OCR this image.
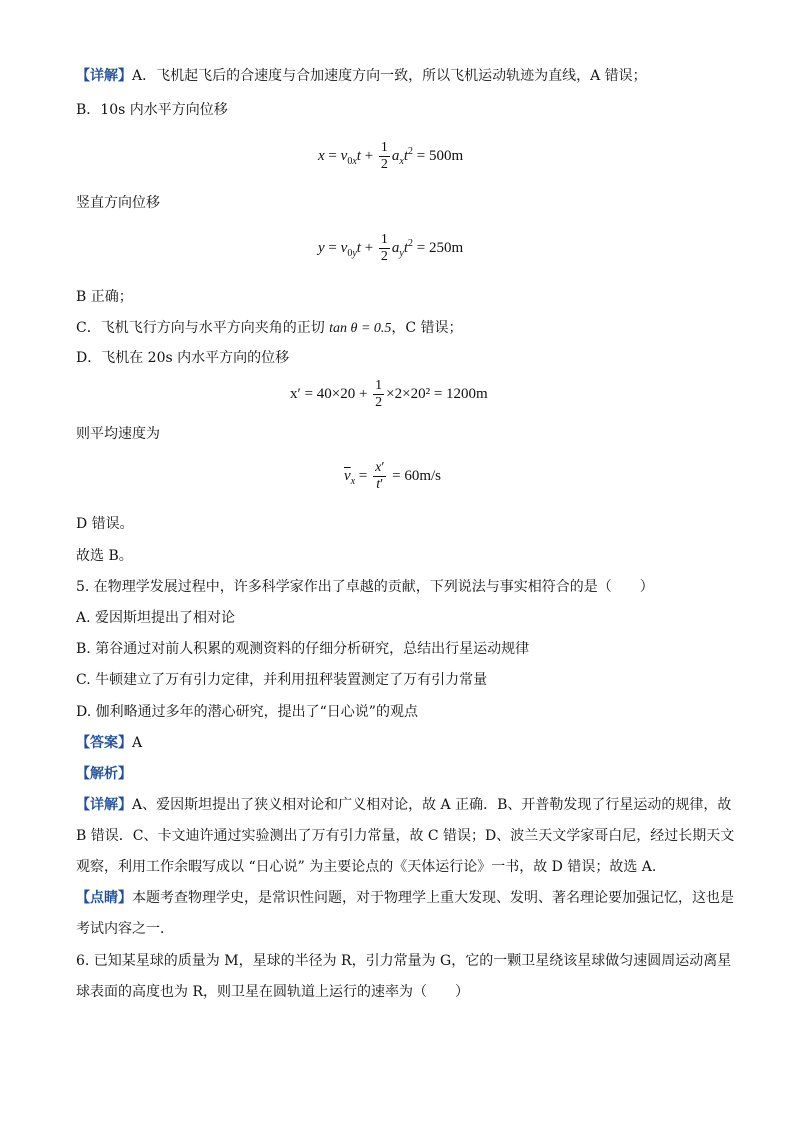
【详解】A．飞机起飞后的合速度与合加速度方向一致，所以飞机运动轨迹为直线，A 错误；
B．10s 内水平方向位移
$x = v_{0x}t + \frac{1}{2} a_xt^2 = 500m$
竖直方向位移
$y = v_{0y}t + \frac{1}{2} a_yt^2 = 250m$
B 正确；
C．飞机飞行方向与水平方向夹角的正切 tan θ = 0.5，C 错误；
D．飞机在 20s 内水平方向的位移
$x' = 40\times 20 + \frac{1}{2} \times 2\times 20^2 = 1200m$
则平均速度为
$\overline{v}_x = \frac{x'}{t'} = 60m/s$
D 错误。
故选 B。
5. 在物理学发展过程中，许多科学家作出了卓越的贡献，下列说法与事实相符合的是（　　）
A. 爱因斯坦提出了相对论
B. 第谷通过对前人积累的观测资料的仔细分析研究，总结出行星运动规律
C. 牛顿建立了万有引力定律，并利用扭秤装置测定了万有引力常量
D. 伽利略通过多年的潜心研究，提出了“日心说”的观点
【答案】A
【解析】
【详解】A、爱因斯坦提出了狭义相对论和广义相对论，故 A 正确．B、开普勒发现了行星运动的规律，故 B 错误．C、卡文迪许通过实验测出了万有引力常量，故 C 错误；D、波兰天文学家哥白尼，经过长期天文观察，利用工作余暇写成以 “日心说” 为主要论点的《天体运行论》一书，故 D 错误；故选 A.
【点睛】本题考查物理学史，是常识性问题，对于物理学上重大发现、发明、著名理论要加强记忆，这也是考试内容之一．
6. 已知某星球的质量为 M，星球的半径为 R，引力常量为 G，它的一颗卫星绕该星球做匀速圆周运动离星球表面的高度也为 R，则卫星在圆轨道上运行的速率为（　　）
